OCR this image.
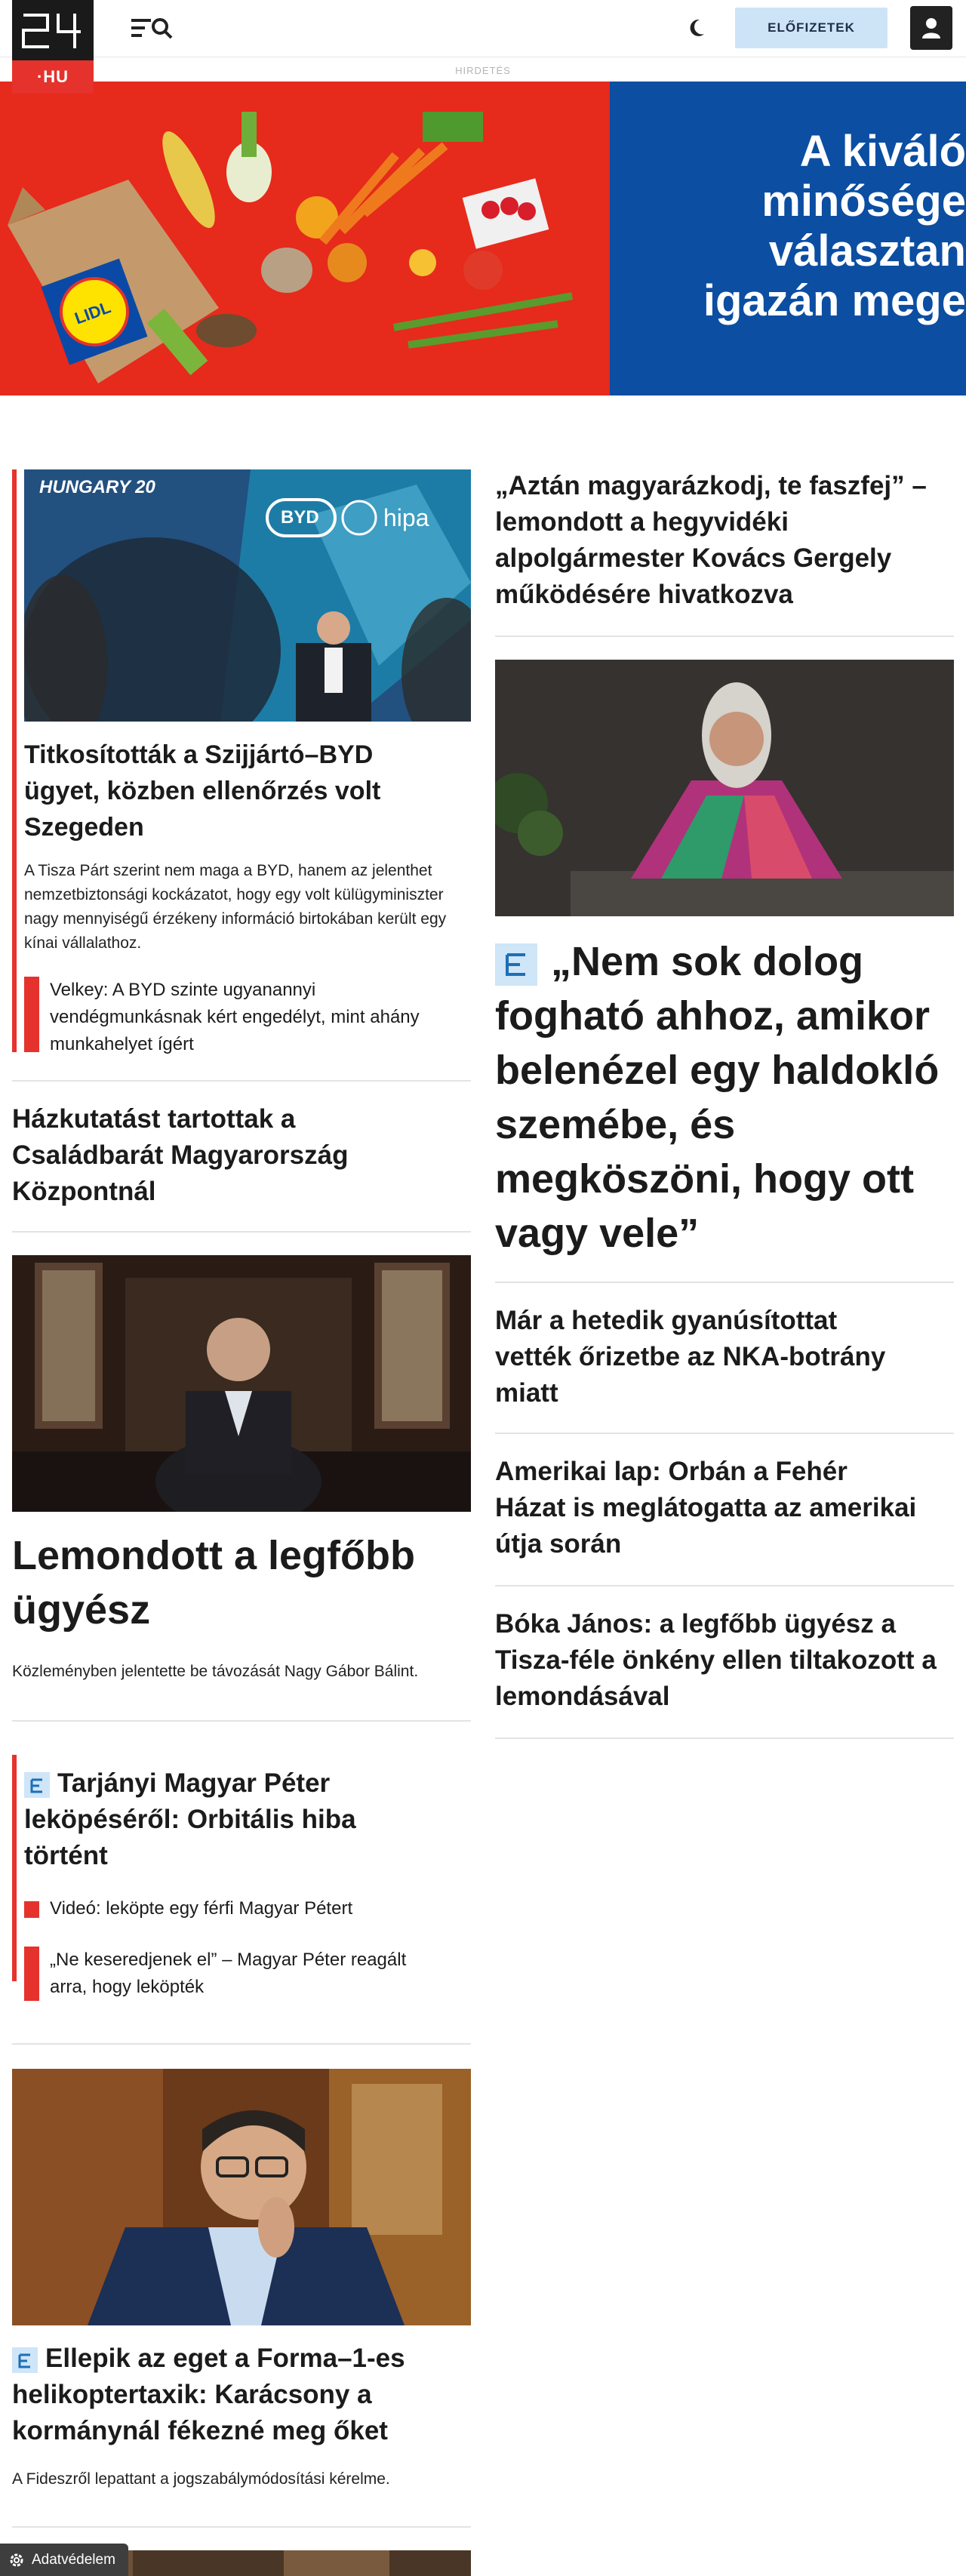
·HU
ELŐFIZETEK
HIRDETÉS
LIDL
A kiváló
minősége
választan
igazán mege
HUNGARY 20
BYD	hipa
Titkosították a Szijjártó–BYD ügyet, közben ellenőrzés volt Szegeden
A Tisza Párt szerint nem maga a BYD, hanem az jelenthet nemzetbiztonsági kockázatot, hogy egy volt külügyminiszter nagy mennyiségű érzékeny információ birtokában került egy kínai vállalathoz.
Velkey: A BYD szinte ugyanannyi vendégmunkásnak kért engedélyt, mint ahány munkahelyet ígért
Házkutatást tartottak a Családbarát Magyarország Központnál
Lemondott a legfőbb ügyész
Közleményben jelentette be távozását Nagy Gábor Bálint.
Tarjányi Magyar Péter leköpéséről: Orbitális hiba történt
Videó: leköpte egy férfi Magyar Pétert
„Ne keseredjenek el” – Magyar Péter reagált arra, hogy leköpték
Ellepik az eget a Forma–1-es helikoptertaxik: Karácsony a kormánynál fékezné meg őket
A Fideszről lepattant a jogszabálymódosítási kérelme.
„Aztán magyarázkodj, te faszfej” – lemondott a hegyvidéki alpolgármester Kovács Gergely működésére hivatkozva
„Nem sok dolog fogható ahhoz, amikor belenézel egy haldokló szemébe, és megköszöni, hogy ott vagy vele”
Már a hetedik gyanúsítottat vették őrizetbe az NKA-botrány miatt
Amerikai lap: Orbán a Fehér Házat is meglátogatta az amerikai útja során
Bóka János: a legfőbb ügyész a Tisza-féle önkény ellen tiltakozott a lemondásával
Adatvédelem
